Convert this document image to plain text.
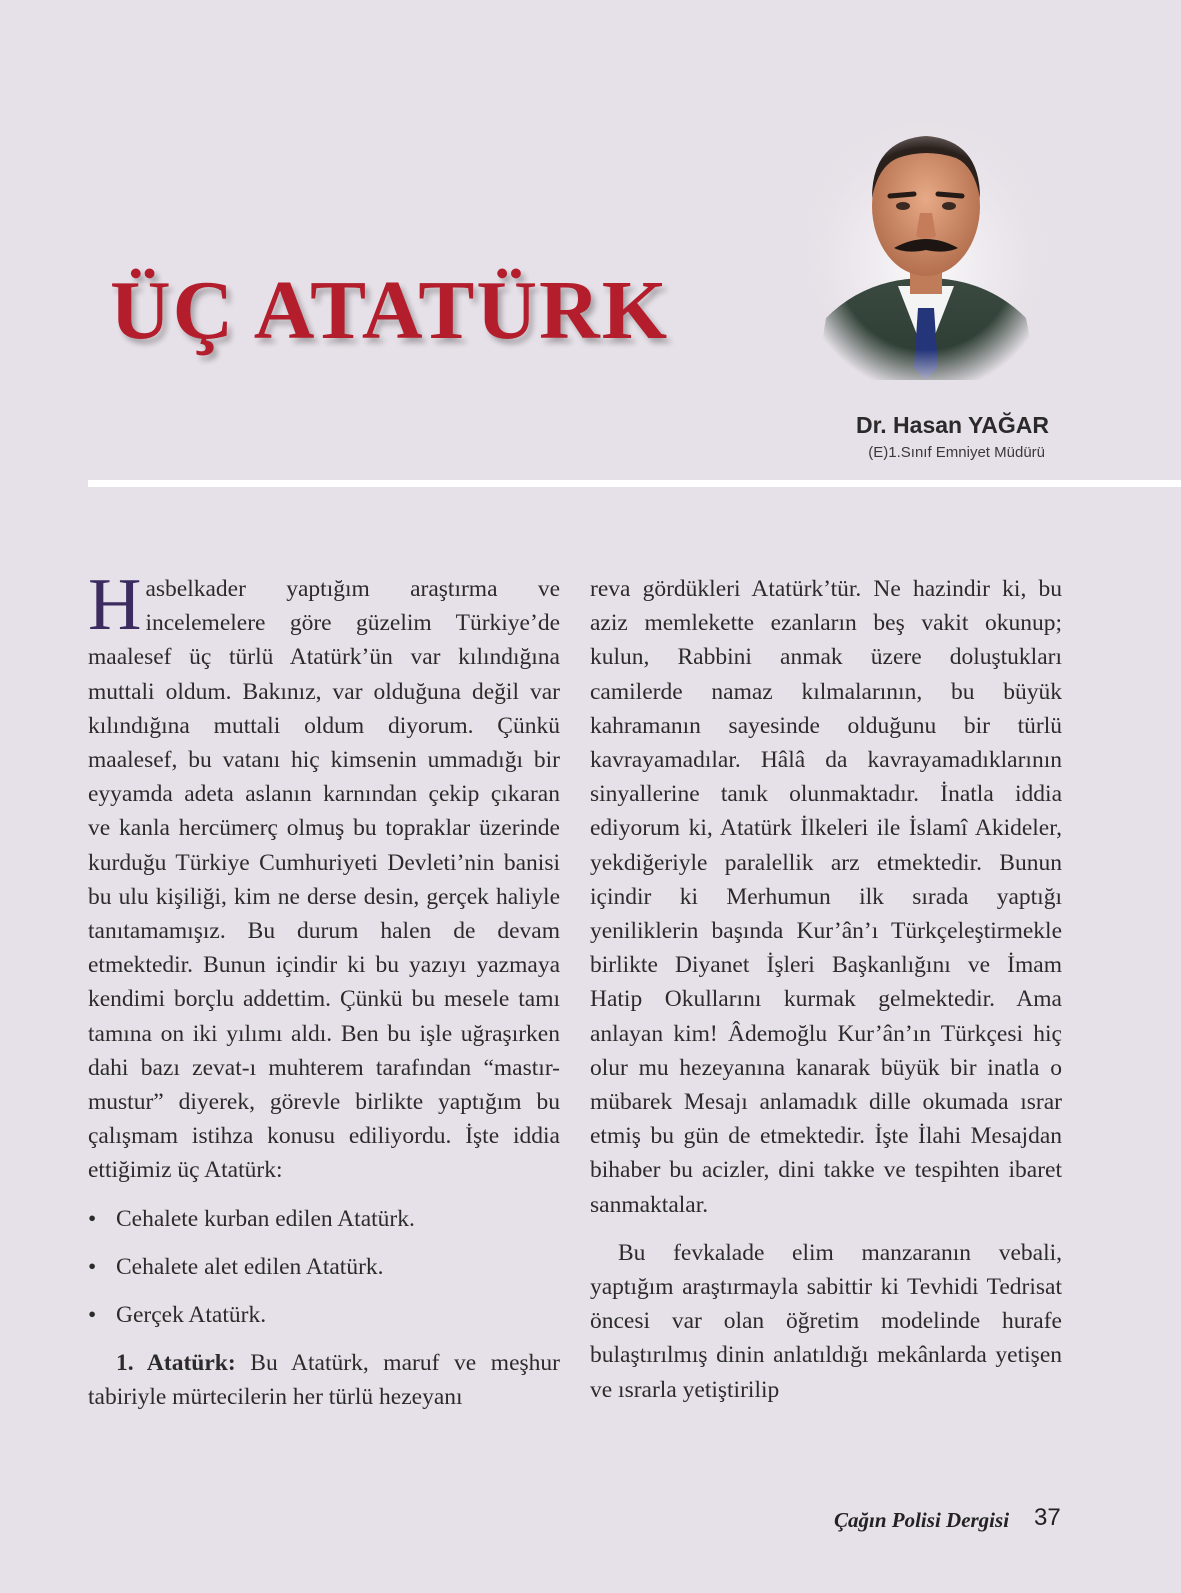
ÜÇ ATATÜRK
Dr. Hasan YAĞAR
(E)1.Sınıf Emniyet Müdürü

Hasbelkader yaptığım araştırma ve incelemelere göre güzelim Türkiye’de maalesef üç türlü Atatürk’ün var kılındığına muttali oldum. Bakınız, var olduğuna değil var kılındığına muttali oldum diyorum. Çünkü maalesef, bu vatanı hiç kimsenin ummadığı bir eyyamda adeta aslanın karnından çekip çıkaran ve kanla hercümerç olmuş bu topraklar üzerinde kurduğu Türkiye Cumhuriyeti Devleti’nin banisi bu ulu kişiliği, kim ne derse desin, gerçek haliyle tanıtamamışız. Bu durum halen de devam etmektedir. Bunun içindir ki bu yazıyı yazmaya kendimi borçlu addettim. Çünkü bu mesele tamı tamına on iki yılımı aldı. Ben bu işle uğraşırken dahi bazı zevat-ı muhterem tarafından “mastır-mustur” diyerek, görevle birlikte yaptığım bu çalışmam istihza konusu ediliyordu. İşte iddia ettiğimiz üç Atatürk:

• Cehalete kurban edilen Atatürk.
• Cehalete alet edilen Atatürk.
• Gerçek Atatürk.

1. Atatürk: Bu Atatürk, maruf ve meşhur tabiriyle mürtecilerin her türlü hezeyanı

reva gördükleri Atatürk’tür. Ne hazindir ki, bu aziz memlekette ezanların beş vakit okunup; kulun, Rabbini anmak üzere doluştukları camilerde namaz kılmalarının, bu büyük kahramanın sayesinde olduğunu bir türlü kavrayamadılar. Hâlâ da kavrayamadıklarının sinyallerine tanık olunmaktadır. İnatla iddia ediyorum ki, Atatürk İlkeleri ile İslamî Akideler, yekdiğeriyle paralellik arz etmektedir. Bunun içindir ki Merhumun ilk sırada yaptığı yeniliklerin başında Kur’ân’ı Türkçeleştirmekle birlikte Diyanet İşleri Başkanlığını ve İmam Hatip Okullarını kurmak gelmektedir. Ama anlayan kim! Âdemoğlu Kur’ân’ın Türkçesi hiç olur mu hezeyanına kanarak büyük bir inatla o mübarek Mesajı anlamadık dille okumada ısrar etmiş bu gün de etmektedir. İşte İlahi Mesajdan bihaber bu acizler, dini takke ve tespihten ibaret sanmaktalar.

Bu fevkalade elim manzaranın vebali, yaptığım araştırmayla sabittir ki Tevhidi Tedrisat öncesi var olan öğretim modelinde hurafe bulaştırılmış dinin anlatıldığı mekânlarda yetişen ve ısrarla yetiştirilip

Çağın Polisi Dergisi 37
